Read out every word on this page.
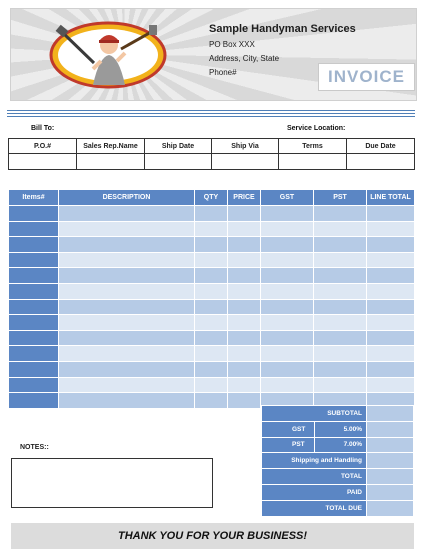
Sample Handyman Services
PO Box XXX
Address, City, State
Phone#	INVOICE
Bill To:	Service Location:
P.O.#	Sales Rep.Name	Ship Date	Ship Via	Terms	Due Date

Items#	DESCRIPTION	QTY	PRICE	GST	PST	LINE TOTAL

SUBTOTAL		
GST	5.00%	
PST	7.00%	
Shipping and Handling		
TOTAL		
PAID		
TOTAL DUE		
NOTES::
THANK YOU FOR YOUR BUSINESS!
